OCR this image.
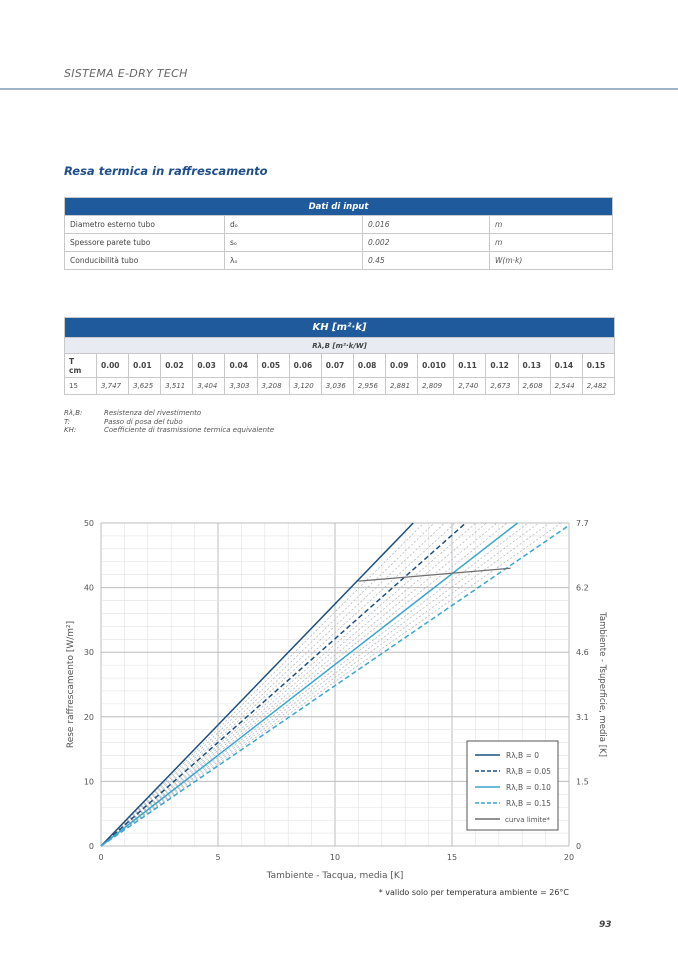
SISTEMA E-DRY TECH
Resa termica in raffrescamento
Dati di input			
Diametro esterno tubo	dₒ	0.016	m
Spessore parete tubo	sₒ	0.002	m
Conducibilità tubo	λₒ	0.45	W(m·k)
KH [m²·k]																
Rλ,B [m²·k/W]																
T
cm	0.00	0.01	0.02	0.03	0.04	0.05	0.06	0.07	0.08	0.09	0.010	0.11	0.12	0.13	0.14	0.15
15	3,747	3,625	3,511	3,404	3,303	3,208	3,120	3,036	2,956	2,881	2,809	2,740	2,673	2,608	2,544	2,482
Rλ,B:	Resistenza del rivestimento
T:	Passo di posa del tubo
KH:	Coefficiente di trasmissione termica equivalente
0	5	10	15	20
0
10
20
30
40
50
0
1.5
3.1
4.6
6.2
7.7
Tambiente - Tacqua, media [K]
Rese raffrescamento [W/m²]	Tambiente - Tsuperficie, media [K]
* valido solo per temperatura ambiente = 26°C
Rλ,B = 0
Rλ,B = 0.05
Rλ,B = 0.10
Rλ,B = 0.15
curva limite*
93
